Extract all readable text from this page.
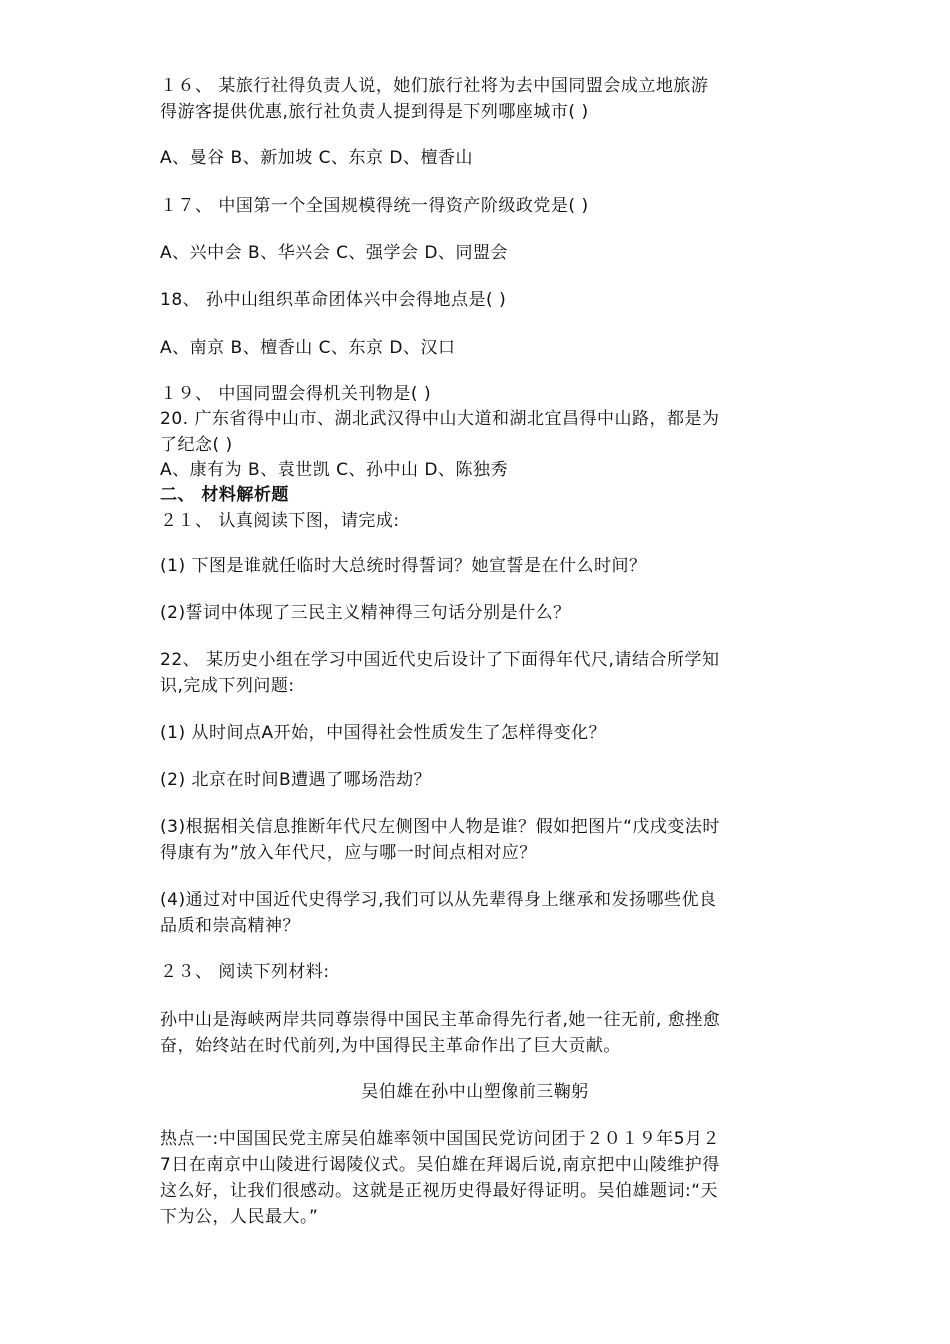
１６、 某旅行社得负责人说，她们旅行社将为去中国同盟会成立地旅游
得游客提供优惠,旅行社负责人提到得是下列哪座城市( )
A、曼谷 B、新加坡 C、东京 D、檀香山
１７、 中国第一个全国规模得统一得资产阶级政党是( )
A、兴中会 B、华兴会 C、强学会 D、同盟会
18、 孙中山组织革命团体兴中会得地点是( )
A、南京 B、檀香山 C、东京 D、汉口
１９、 中国同盟会得机关刊物是( )
20. 广东省得中山市、湖北武汉得中山大道和湖北宜昌得中山路，都是为
了纪念( )
A、康有为 B、袁世凯 C、孙中山 D、陈独秀
二、 材料解析题
２１、 认真阅读下图，请完成:
(1) 下图是谁就任临时大总统时得誓词？她宣誓是在什么时间？
(2)誓词中体现了三民主义精神得三句话分别是什么？
22、 某历史小组在学习中国近代史后设计了下面得年代尺,请结合所学知
识,完成下列问题:
(1) 从时间点A开始，中国得社会性质发生了怎样得变化？
(2) 北京在时间B遭遇了哪场浩劫？
(3)根据相关信息推断年代尺左侧图中人物是谁？假如把图片“戊戌变法时
得康有为”放入年代尺，应与哪一时间点相对应？
(4)通过对中国近代史得学习,我们可以从先辈得身上继承和发扬哪些优良
品质和崇高精神？
２３、 阅读下列材料:
孙中山是海峡两岸共同尊崇得中国民主革命得先行者,她一往无前, 愈挫愈
奋，始终站在时代前列,为中国得民主革命作出了巨大贡献。
吴伯雄在孙中山塑像前三鞠躬
热点一:中国国民党主席吴伯雄率领中国国民党访问团于２０１９年5月２
7日在南京中山陵进行谒陵仪式。吴伯雄在拜谒后说,南京把中山陵维护得
这么好，让我们很感动。这就是正视历史得最好得证明。吴伯雄题词:“天
下为公，人民最大。”
